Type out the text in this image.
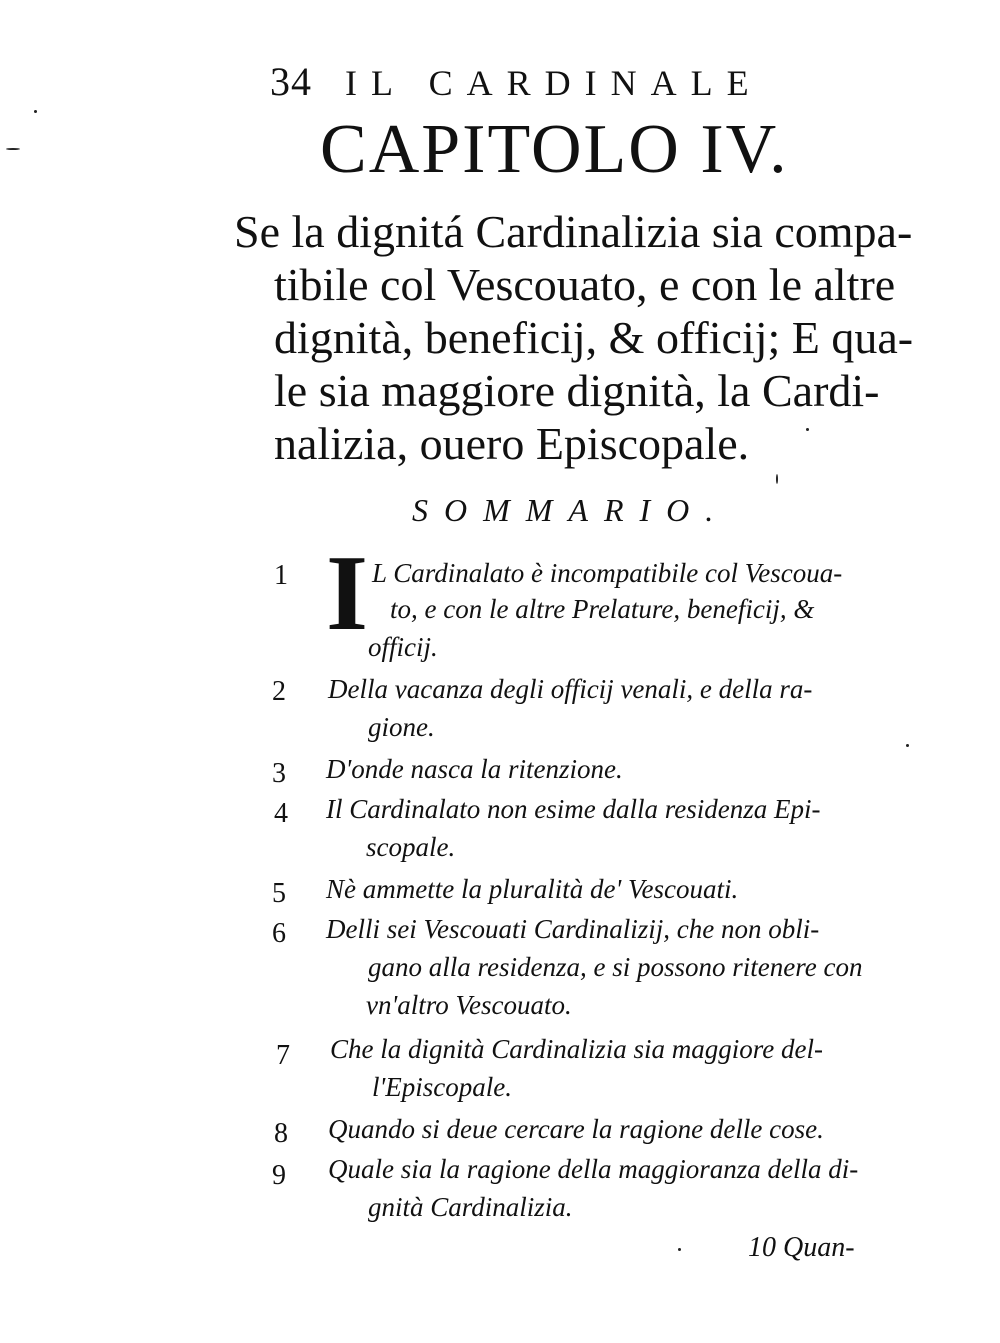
34 IL CARDINALE
CAPITOLO IV.
Se la dignitá Cardinalizia sia compa-
tibile col Vescouato, e con le altre
dignità, beneficij, & officij; E qua-
le sia maggiore dignità, la Cardi-
nalizia, ouero Episcopale.
SOMMARIO.
1 I L Cardinalato è incompatibile col Vescoua-
to, e con le altre Prelature, beneficij, &
officij.
2 Della vacanza degli officij venali, e della ra-
gione.
3 D'onde nasca la ritenzione.
4 Il Cardinalato non esime dalla residenza Epi-
scopale.
5 Nè ammette la pluralità de' Vescouati.
6 Delli sei Vescouati Cardinalizij, che non obli-
gano alla residenza, e si possono ritenere con
vn'altro Vescouato.
7 Che la dignità Cardinalizia sia maggiore del-
l'Episcopale.
8 Quando si deue cercare la ragione delle cose.
9 Quale sia la ragione della maggioranza della di-
gnità Cardinalizia.
10 Quan-
